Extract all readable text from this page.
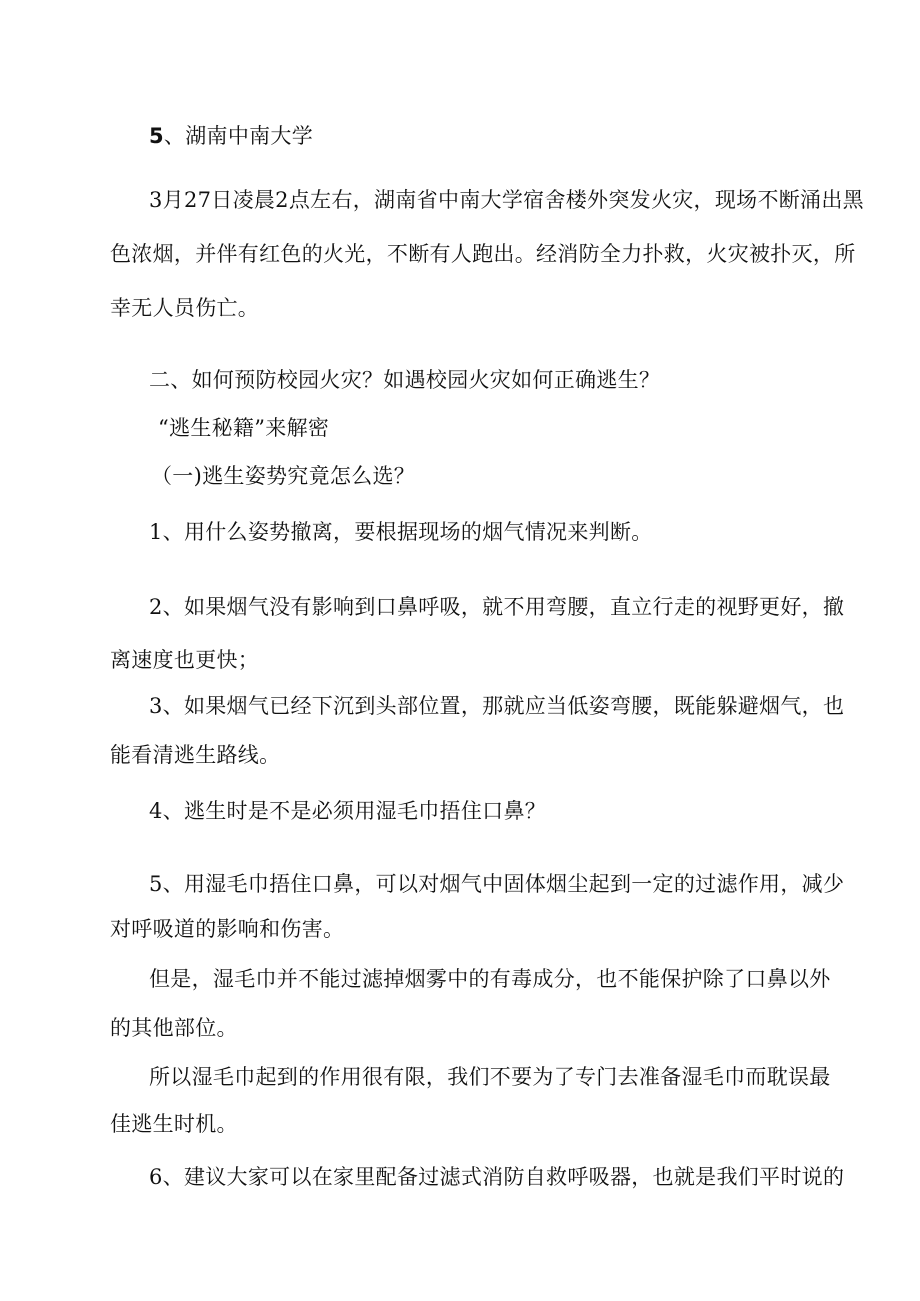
5、湖南中南大学
3月27日凌晨2点左右，湖南省中南大学宿舍楼外突发火灾，现场不断涌出黑
色浓烟，并伴有红色的火光，不断有人跑出。经消防全力扑救，火灾被扑灭，所
幸无人员伤亡。
二、如何预防校园火灾？如遇校园火灾如何正确逃生？
“逃生秘籍”来解密
（一)逃生姿势究竟怎么选？
1、用什么姿势撤离，要根据现场的烟气情况来判断。
2、如果烟气没有影响到口鼻呼吸，就不用弯腰，直立行走的视野更好，撤
离速度也更快；
3、如果烟气已经下沉到头部位置，那就应当低姿弯腰，既能躲避烟气，也
能看清逃生路线。
4、逃生时是不是必须用湿毛巾捂住口鼻？
5、用湿毛巾捂住口鼻，可以对烟气中固体烟尘起到一定的过滤作用，减少
对呼吸道的影响和伤害。
但是，湿毛巾并不能过滤掉烟雾中的有毒成分，也不能保护除了口鼻以外
的其他部位。
所以湿毛巾起到的作用很有限，我们不要为了专门去准备湿毛巾而耽误最
佳逃生时机。
6、建议大家可以在家里配备过滤式消防自救呼吸器，也就是我们平时说的
